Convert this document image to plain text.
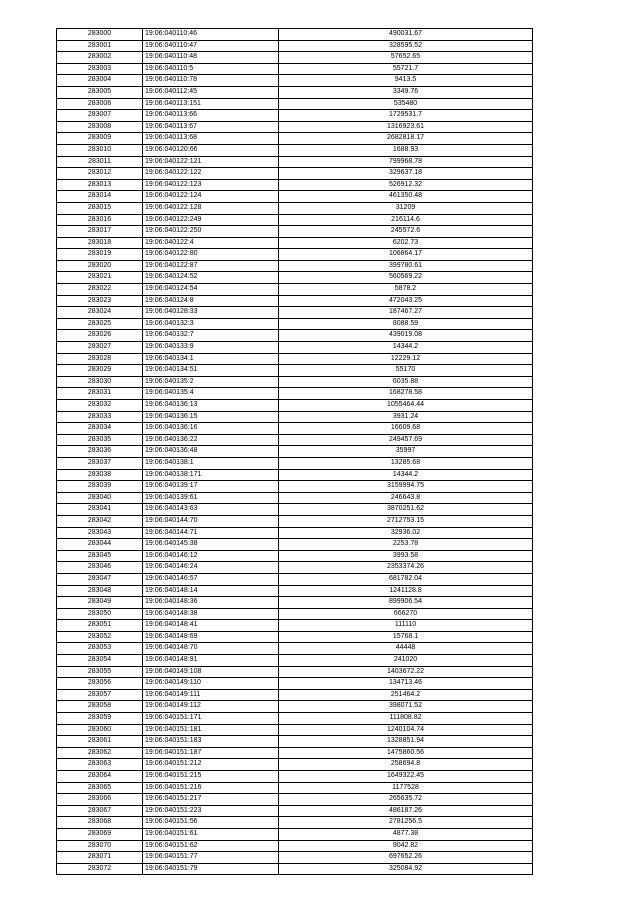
283000	19:06:040110:46	490031.67
283001	19:06:040110:47	328595.52
283002	19:06:040110:48	57652.65
283003	19:06:040110:5	55721.7
283004	19:06:040110:78	9413.5
283005	19:06:040112:45	3349.76
283006	19:06:040113:151	535480
283007	19:06:040113:66	1729531.7
283008	19:06:040113:67	1316923.61
283009	19:06:040113:68	2682818.17
283010	19:06:040120:66	1688.93
283011	19:06:040122:121	799968.78
283012	19:06:040122:122	329637.18
283013	19:06:040122:123	526912.32
283014	19:06:040122:124	461350.48
283015	19:06:040122:128	31209
283016	19:06:040122:249	216114.6
283017	19:06:040122:250	245572.6
283018	19:06:040122:4	6202.73
283019	19:06:040122:80	106864.17
283020	19:06:040122:87	399780.61
283021	19:06:040124:52	560569.22
283022	19:06:040124:54	5878.2
283023	19:06:040124:8	472043.25
283024	19:06:040128:33	187467.27
283025	19:06:040132:3	8088.59
283026	19:06:040132:7	439019.08
283027	19:06:040133:9	14344.2
283028	19:06:040134:1	12229.12
283029	19:06:040134:51	55170
283030	19:06:040135:2	6035.88
283031	19:06:040135:4	168278.58
283032	19:06:040136:13	1055464.44
283033	19:06:040136:15	3931.24
283034	19:06:040136:16	16609.68
283035	19:06:040136:22	249457.69
283036	19:06:040136:48	35997
283037	19:06:040138:1	13285.68
283038	19:06:040138:171	14344.2
283039	19:06:040139:17	3159994.75
283040	19:06:040139:61	246643.8
283041	19:06:040143:63	3870251.62
283042	19:06:040144:70	2712753.15
283043	19:06:040144:71	32936.02
283044	19:06:040145:38	2253.78
283045	19:06:040146:12	3993.58
283046	19:06:040146:24	2353374.26
283047	19:06:040146:57	681782.04
283048	19:06:040148:14	1241128.8
283049	19:06:040148:36	899906.54
283050	19:06:040148:38	666270
283051	19:06:040148:41	111110
283052	19:06:040148:69	15768.1
283053	19:06:040148:70	44448
283054	19:06:040148:91	241020
283055	19:06:040149:108	1403672.22
283056	19:06:040149:110	134713.46
283057	19:06:040149:111	251464.2
283058	19:06:040149:112	398071.52
283059	19:06:040151:171	111808.82
283060	19:06:040151:181	1240104.74
283061	19:06:040151:183	1328851.94
283062	19:06:040151:187	1475860.56
283063	19:06:040151:212	258694.8
283064	19:06:040151:215	1649322.45
283065	19:06:040151:216	1177528
283066	19:06:040151:217	265635.72
283067	19:06:040151:223	486187.26
283068	19:06:040151:56	2781256.5
283069	19:06:040151:61	4877.38
283070	19:06:040151:62	9042.82
283071	19:06:040151:77	697652.26
283072	19:06:040151:79	325084.92
